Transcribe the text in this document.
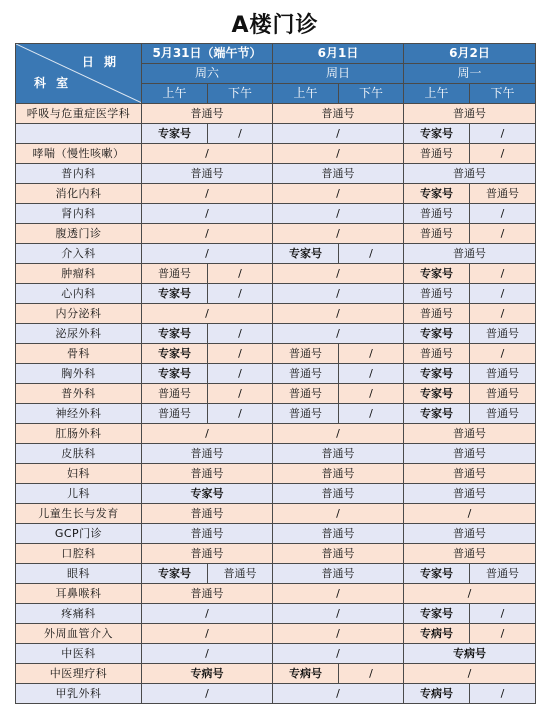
A楼门诊
日 期
科 室	5月31日（端午节）		6月1日		6月2日	
	周六		周日		周一	
	上午	下午	上午	下午	上午	下午
呼吸与危重症医学科	普通号		普通号		普通号	
	专家号	/	/		专家号	/
哮喘（慢性咳嗽）	/		/		普通号	/
普内科	普通号		普通号		普通号	
消化内科	/		/		专家号	普通号
肾内科	/		/		普通号	/
腹透门诊	/		/		普通号	/
介入科	/		专家号	/	普通号	
肿瘤科	普通号	/	/		专家号	/
心内科	专家号	/	/		普通号	/
内分泌科	/		/		普通号	/
泌尿外科	专家号	/	/		专家号	普通号
骨科	专家号	/	普通号	/	普通号	/
胸外科	专家号	/	普通号	/	专家号	普通号
普外科	普通号	/	普通号	/	专家号	普通号
神经外科	普通号	/	普通号	/	专家号	普通号
肛肠外科	/		/		普通号	
皮肤科	普通号		普通号		普通号	
妇科	普通号		普通号		普通号	
儿科	专家号		普通号		普通号	
儿童生长与发育	普通号		/		/	
GCP门诊	普通号		普通号		普通号	
口腔科	普通号		普通号		普通号	
眼科	专家号	普通号	普通号		专家号	普通号
耳鼻喉科	普通号		/		/	
疼痛科	/		/		专家号	/
外周血管介入	/		/		专病号	/
中医科	/		/		专病号	
中医理疗科	专病号		专病号	/	/	
甲乳外科	/		/		专病号	/
